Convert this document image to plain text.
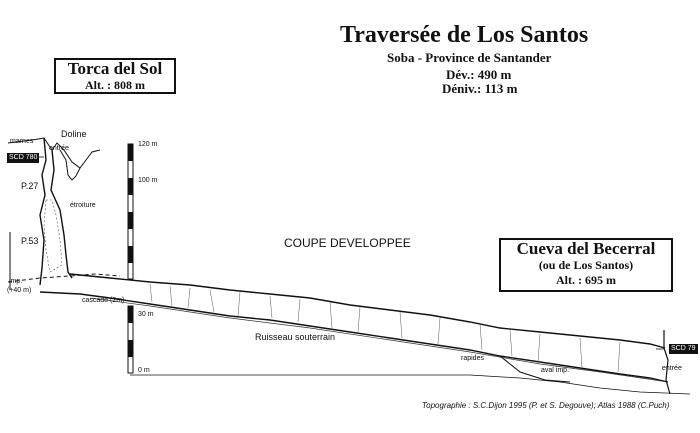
Traversée de Los Santos
Soba - Province de Santander
Dév.: 490 m
Déniv.: 113 m
Torca del Sol
Alt. : 808 m
Cueva del Becerral
(ou de Los Santos)
Alt. : 695 m
Doline
marnes
entrée
SCD 780
P.27
étroiture
P.53
imp.
(+40 m)
cascade (2m)
COUPE DEVELOPPEE
Ruisseau souterrain
rapides
aval imp.
SCD 79
entrée
120 m
100 m
30 m
0 m
Topographie : S.C.Dijon 1995 (P. et S. Degouve); Atlas 1988 (C.Puch)
